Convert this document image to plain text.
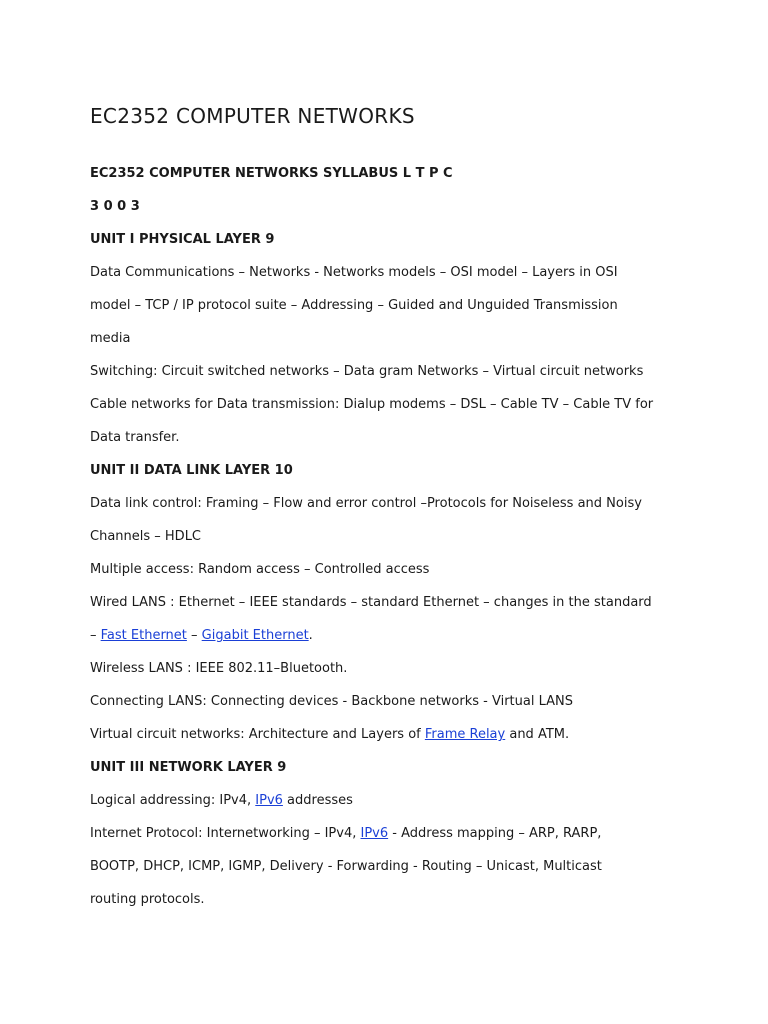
EC2352 COMPUTER NETWORKS
EC2352 COMPUTER NETWORKS SYLLABUS L T P C
3 0 0 3
UNIT I PHYSICAL LAYER 9
Data Communications – Networks - Networks models – OSI model – Layers in OSI
model – TCP / IP protocol suite – Addressing – Guided and Unguided Transmission
media
Switching: Circuit switched networks – Data gram Networks – Virtual circuit networks
Cable networks for Data transmission: Dialup modems – DSL – Cable TV – Cable TV for
Data transfer.
UNIT II DATA LINK LAYER 10
Data link control: Framing – Flow and error control –Protocols for Noiseless and Noisy
Channels – HDLC
Multiple access: Random access – Controlled access
Wired LANS : Ethernet – IEEE standards – standard Ethernet – changes in the standard
– Fast Ethernet – Gigabit Ethernet.
Wireless LANS : IEEE 802.11–Bluetooth.
Connecting LANS: Connecting devices - Backbone networks - Virtual LANS
Virtual circuit networks: Architecture and Layers of Frame Relay and ATM.
UNIT III NETWORK LAYER 9
Logical addressing: IPv4, IPv6 addresses
Internet Protocol: Internetworking – IPv4, IPv6 - Address mapping – ARP, RARP,
BOOTP, DHCP, ICMP, IGMP, Delivery - Forwarding - Routing – Unicast, Multicast
routing protocols.
